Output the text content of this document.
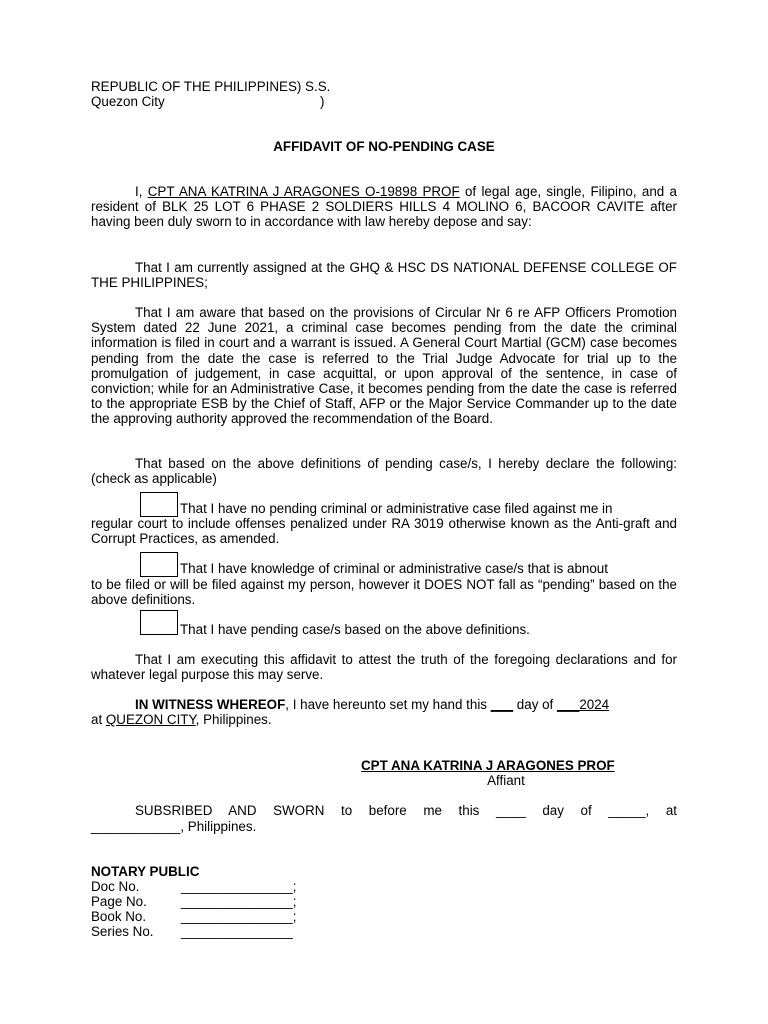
REPUBLIC OF THE PHILIPPINES) S.S.
Quezon City	)
AFFIDAVIT OF NO-PENDING CASE
I, CPT ANA KATRINA J ARAGONES O-19898 PROF of legal age, single, Filipino, and a resident of BLK 25 LOT 6 PHASE 2 SOLDIERS HILLS 4 MOLINO 6, BACOOR CAVITE after having been duly sworn to in accordance with law hereby depose and say:
That I am currently assigned at the GHQ & HSC DS NATIONAL DEFENSE COLLEGE OF THE PHILIPPINES;
That I am aware that based on the provisions of Circular Nr 6 re AFP Officers Promotion System dated 22 June 2021, a criminal case becomes pending from the date the criminal information is filed in court and a warrant is issued. A General Court Martial (GCM) case becomes pending from the date the case is referred to the Trial Judge Advocate for trial up to the promulgation of judgement, in case acquittal, or upon approval of the sentence, in case of conviction; while for an Administrative Case, it becomes pending from the date the case is referred to the appropriate ESB by the Chief of Staff, AFP or the Major Service Commander up to the date the approving authority approved the recommendation of the Board.
That based on the above definitions of pending case/s, I hereby declare the following: (check as applicable)
That I have no pending criminal or administrative case filed against me in
regular court to include offenses penalized under RA 3019 otherwise known as the Anti-graft and Corrupt Practices, as amended.
That I have knowledge of criminal or administrative case/s that is abnout
to be filed or will be filed against my person, however it DOES NOT fall as “pending” based on the above definitions.
That I have pending case/s based on the above definitions.
That I am executing this affidavit to attest the truth of the foregoing declarations and for whatever legal purpose this may serve.
IN WITNESS WHEREOF, I have hereunto set my hand this ___ day of ___2024
at QUEZON CITY, Philippines.
CPT ANA KATRINA J ARAGONES PROF
Affiant
SUBSRIBED AND SWORN to before me this ____ day of _____, at
____________, Philippines.
NOTARY PUBLIC
Doc No.	_______________;
Page No.	_______________;
Book No.	_______________;
Series No. _______________
